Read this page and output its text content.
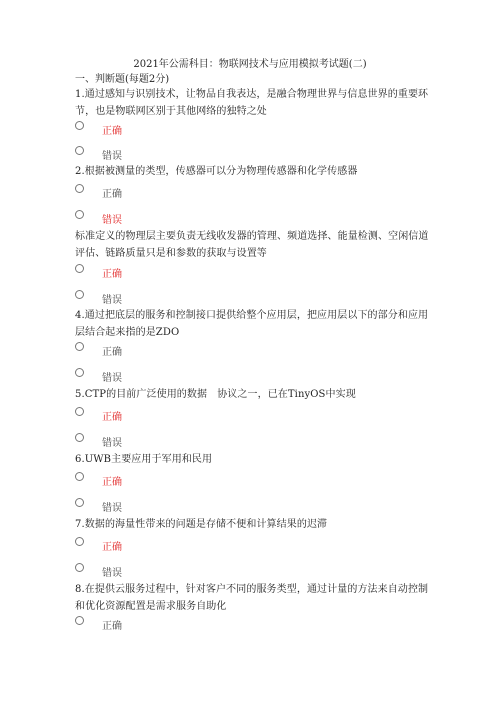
2021年公需科目：物联网技术与应用模拟考试题(二)
一、判断题(每题2分)
1.通过感知与识别技术，让物品自我表达，是融合物理世界与信息世界的重要环节，也是物联网区别于其他网络的独特之处
正确
错误
2.根据被测量的类型，传感器可以分为物理传感器和化学传感器
正确
错误
标准定义的物理层主要负责无线收发器的管理、频道选择、能量检测、空闲信道评估、链路质量只是和参数的获取与设置等
正确
错误
4.通过把底层的服务和控制接口提供给整个应用层，把应用层以下的部分和应用层结合起来指的是ZDO
正确
错误
5.CTP的目前广泛使用的数据　协议之一，已在TinyOS中实现
正确
错误
6.UWB主要应用于军用和民用
正确
错误
7.数据的海量性带来的问题是存储不便和计算结果的迟滞
正确
错误
8.在提供云服务过程中，针对客户不同的服务类型，通过计量的方法来自动控制和优化资源配置是需求服务自助化
正确
